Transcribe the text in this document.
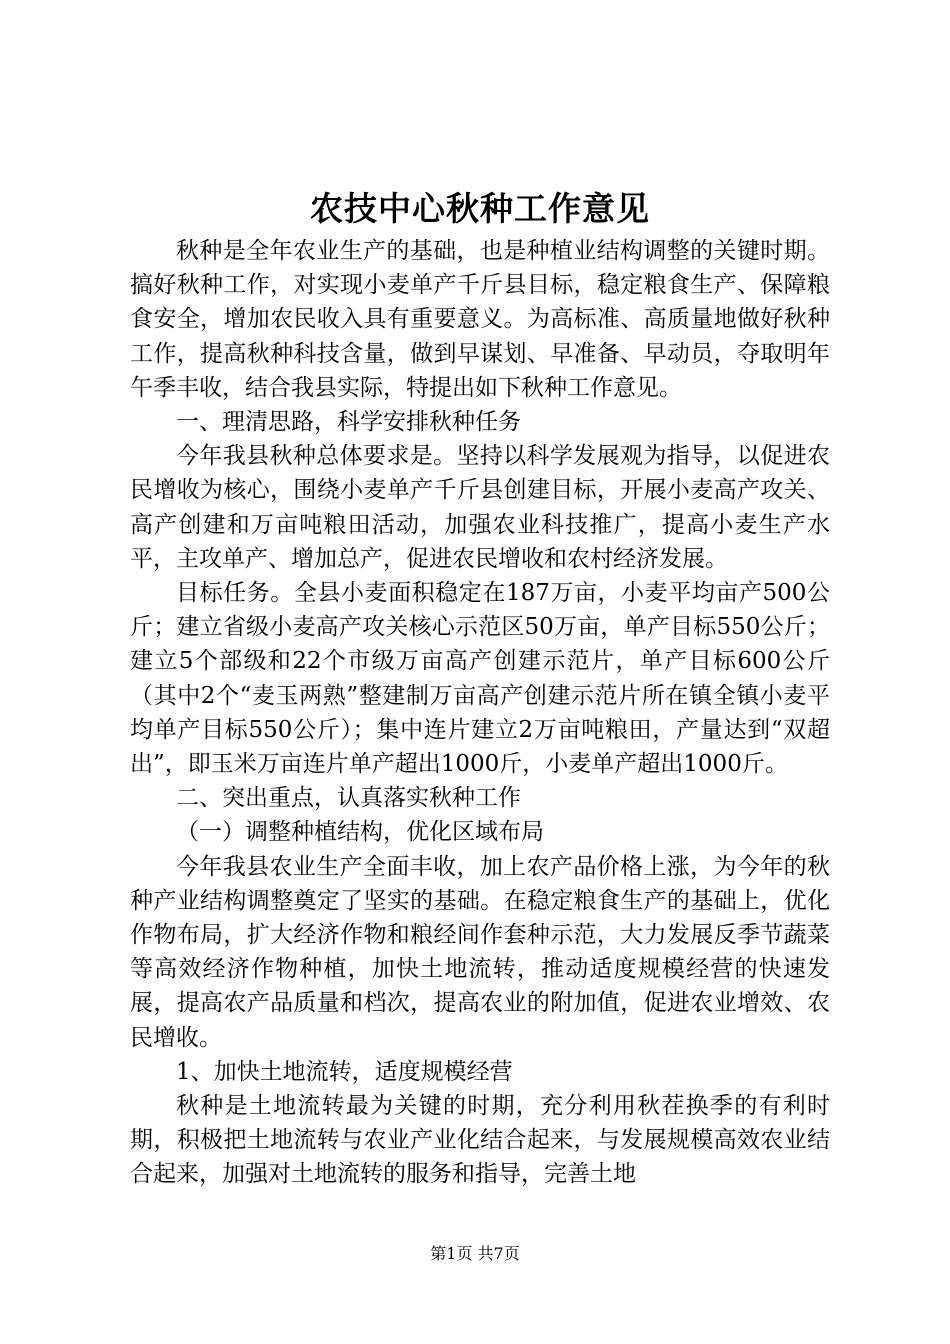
农技中心秋种工作意见

秋种是全年农业生产的基础，也是种植业结构调整的关键时期。搞好秋种工作，对实现小麦单产千斤县目标，稳定粮食生产、保障粮食安全，增加农民收入具有重要意义。为高标准、高质量地做好秋种工作，提高秋种科技含量，做到早谋划、早准备、早动员，夺取明年午季丰收，结合我县实际，特提出如下秋种工作意见。

一、理清思路，科学安排秋种任务

今年我县秋种总体要求是。坚持以科学发展观为指导，以促进农民增收为核心，围绕小麦单产千斤县创建目标，开展小麦高产攻关、高产创建和万亩吨粮田活动，加强农业科技推广，提高小麦生产水平，主攻单产、增加总产，促进农民增收和农村经济发展。

目标任务。全县小麦面积稳定在187万亩，小麦平均亩产500公斤；建立省级小麦高产攻关核心示范区50万亩，单产目标550公斤；建立5个部级和22个市级万亩高产创建示范片，单产目标600公斤（其中2个“麦玉两熟”整建制万亩高产创建示范片所在镇全镇小麦平均单产目标550公斤）；集中连片建立2万亩吨粮田，产量达到“双超出”，即玉米万亩连片单产超出1000斤，小麦单产超出1000斤。

二、突出重点，认真落实秋种工作

（一）调整种植结构，优化区域布局

今年我县农业生产全面丰收，加上农产品价格上涨，为今年的秋种产业结构调整奠定了坚实的基础。在稳定粮食生产的基础上，优化作物布局，扩大经济作物和粮经间作套种示范，大力发展反季节蔬菜等高效经济作物种植，加快土地流转，推动适度规模经营的快速发展，提高农产品质量和档次，提高农业的附加值，促进农业增效、农民增收。

1、加快土地流转，适度规模经营

秋种是土地流转最为关键的时期，充分利用秋茬换季的有利时期，积极把土地流转与农业产业化结合起来，与发展规模高效农业结合起来，加强对土地流转的服务和指导，完善土地

第1页 共7页
